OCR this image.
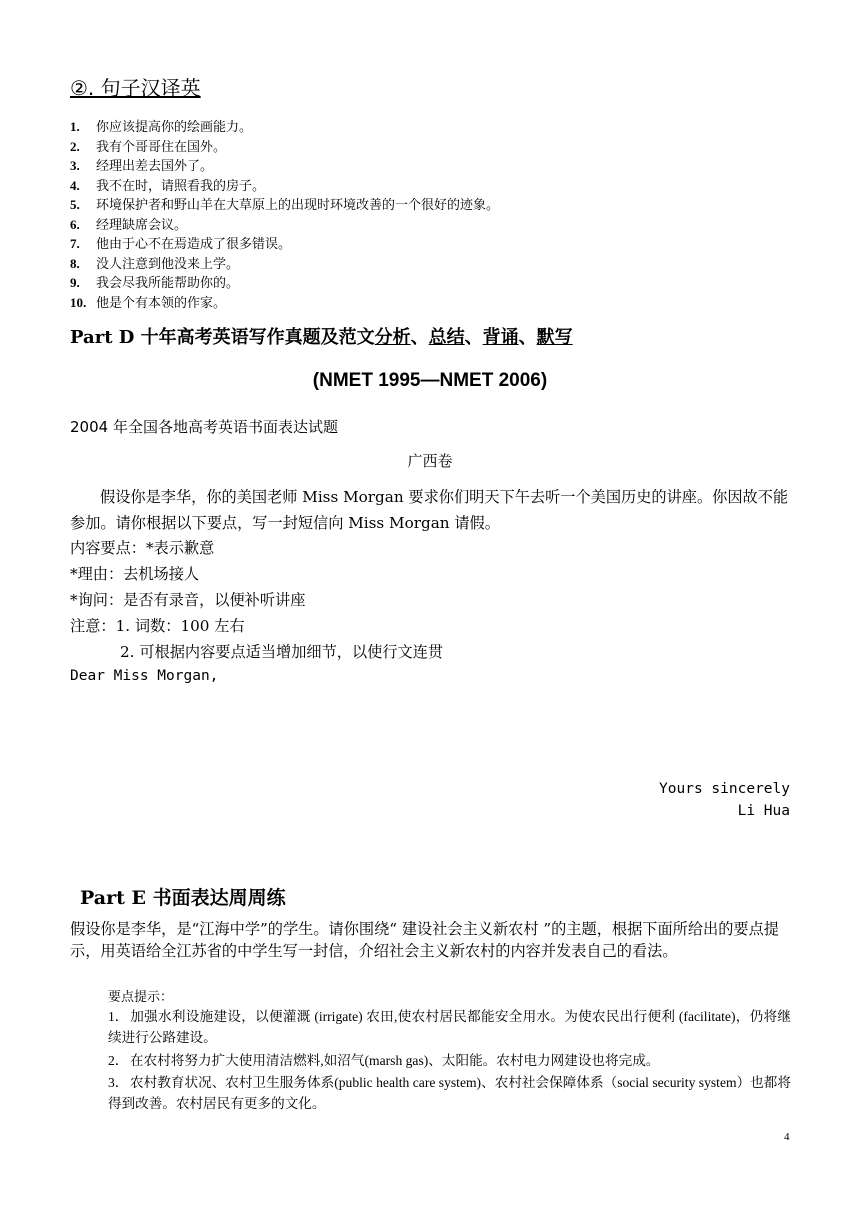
②. 句子汉译英
1. 你应该提高你的绘画能力。
2. 我有个哥哥住在国外。
3. 经理出差去国外了。
4. 我不在时，请照看我的房子。
5. 环境保护者和野山羊在大草原上的出现时环境改善的一个很好的迹象。
6. 经理缺席会议。
7. 他由于心不在焉造成了很多错误。
8. 没人注意到他没来上学。
9. 我会尽我所能帮助你的。
10. 他是个有本领的作家。
Part D 十年高考英语写作真题及范文分析、总结、背诵、默写
(NMET 1995—NMET 2006)
2004 年全国各地高考英语书面表达试题
广西卷
假设你是李华，你的美国老师 Miss Morgan 要求你们明天下午去听一个美国历史的讲座。你因故不能参加。请你根据以下要点，写一封短信向 Miss Morgan 请假。
内容要点：*表示歉意
*理由：去机场接人
*询问：是否有录音，以便补听讲座
注意：1. 词数：100 左右
2. 可根据内容要点适当增加细节，以使行文连贯
Dear Miss Morgan,
Yours sincerely
Li Hua
Part E 书面表达周周练
假设你是李华，是“江海中学”的学生。请你围绕“ 建设社会主义新农村 ”的主题，根据下面所给出的要点提示，用英语给全江苏省的中学生写一封信，介绍社会主义新农村的内容并发表自己的看法。
要点提示：
1． 加强水利设施建设，以便灌溉 (irrigate) 农田,使农村居民都能安全用水。为使农民出行便利 (facilitate)，仍将继续进行公路建设。
2． 在农村将努力扩大使用清洁燃料,如沼气(marsh gas)、太阳能。农村电力网建设也将完成。
3． 农村教育状况、农村卫生服务体系(public health care system)、农村社会保障体系（social security system）也都将得到改善。农村居民有更多的文化。
4
